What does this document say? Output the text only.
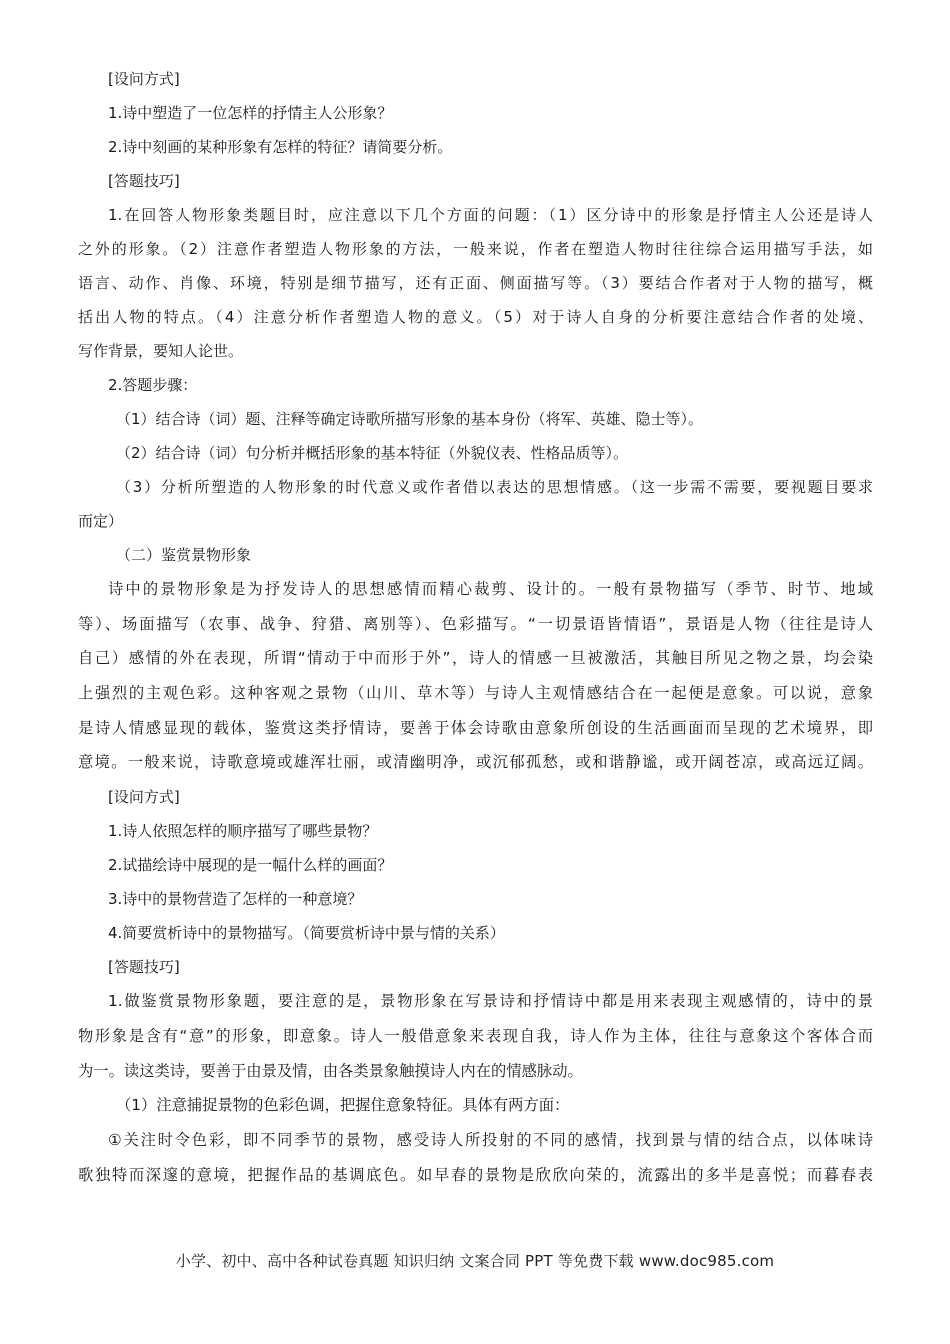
[设问方式]
1.诗中塑造了一位怎样的抒情主人公形象？
2.诗中刻画的某种形象有怎样的特征？请简要分析。
[答题技巧]
1.在回答人物形象类题目时，应注意以下几个方面的问题：（1）区分诗中的形象是抒情主人公还是诗人
之外的形象。（2）注意作者塑造人物形象的方法，一般来说，作者在塑造人物时往往综合运用描写手法，如
语言、动作、肖像、环境，特别是细节描写，还有正面、侧面描写等。（3）要结合作者对于人物的描写，概
括出人物的特点。（4）注意分析作者塑造人物的意义。（5）对于诗人自身的分析要注意结合作者的处境、
写作背景，要知人论世。
2.答题步骤：
（1）结合诗（词）题、注释等确定诗歌所描写形象的基本身份（将军、英雄、隐士等）。
（2）结合诗（词）句分析并概括形象的基本特征（外貌仪表、性格品质等）。
（3）分析所塑造的人物形象的时代意义或作者借以表达的思想情感。（这一步需不需要，要视题目要求
而定）
（二）鉴赏景物形象
诗中的景物形象是为抒发诗人的思想感情而精心裁剪、设计的。一般有景物描写（季节、时节、地域
等）、场面描写（农事、战争、狩猎、离别等）、色彩描写。“一切景语皆情语”，景语是人物（往往是诗人
自己）感情的外在表现，所谓“情动于中而形于外”，诗人的情感一旦被激活，其触目所见之物之景，均会染
上强烈的主观色彩。这种客观之景物（山川、草木等）与诗人主观情感结合在一起便是意象。可以说，意象
是诗人情感显现的载体，鉴赏这类抒情诗，要善于体会诗歌由意象所创设的生活画面而呈现的艺术境界，即
意境。一般来说，诗歌意境或雄浑壮丽，或清幽明净，或沉郁孤愁，或和谐静谧，或开阔苍凉，或高远辽阔。
[设问方式]
1.诗人依照怎样的顺序描写了哪些景物？
2.试描绘诗中展现的是一幅什么样的画面？
3.诗中的景物营造了怎样的一种意境？
4.简要赏析诗中的景物描写。（简要赏析诗中景与情的关系）
[答题技巧]
1.做鉴赏景物形象题，要注意的是，景物形象在写景诗和抒情诗中都是用来表现主观感情的，诗中的景
物形象是含有“意”的形象，即意象。诗人一般借意象来表现自我，诗人作为主体，往往与意象这个客体合而
为一。读这类诗，要善于由景及情，由各类景象触摸诗人内在的情感脉动。
（1）注意捕捉景物的色彩色调，把握住意象特征。具体有两方面：
①关注时令色彩，即不同季节的景物，感受诗人所投射的不同的感情，找到景与情的结合点，以体味诗
歌独特而深邃的意境，把握作品的基调底色。如早春的景物是欣欣向荣的，流露出的多半是喜悦；而暮春表
小学、初中、高中各种试卷真题 知识归纳 文案合同 PPT 等免费下载 www.doc985.com
